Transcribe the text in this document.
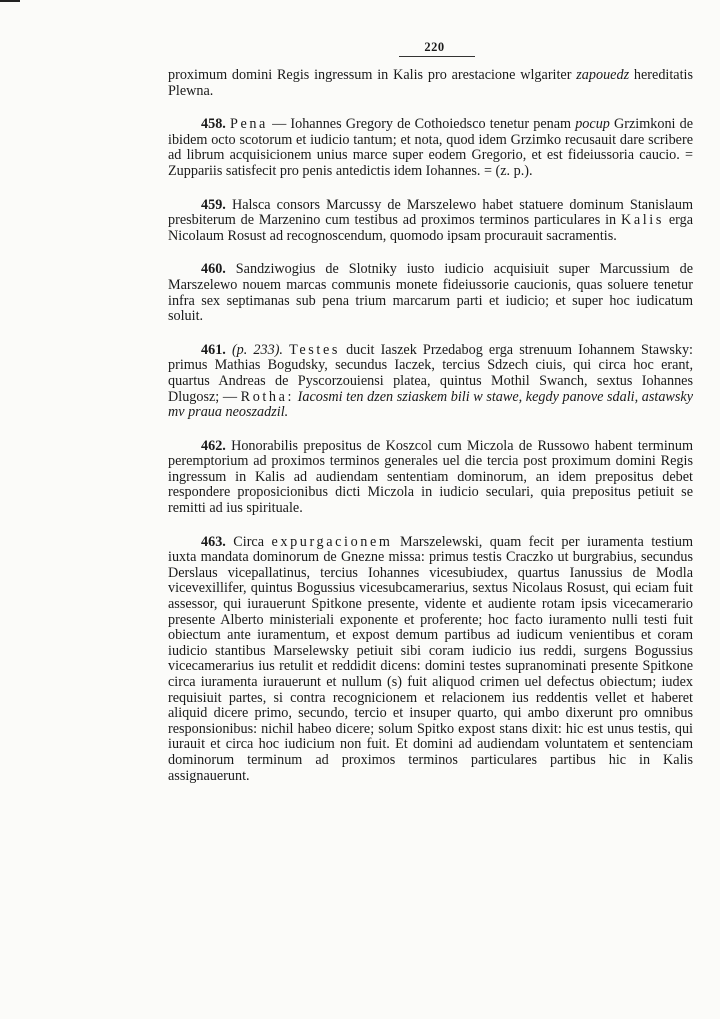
220

proximum domini Regis ingressum in Kalis pro arestacione wlgariter zapouedz hereditatis Plewna.

458. Pena — Iohannes Gregory de Cothoiedsco tenetur penam pocup Grzimkoni de ibidem octo scotorum et iudicio tantum; et nota, quod idem Grzimko recusauit dare scribere ad librum acquisicionem unius marce super eodem Gregorio, et est fideiussoria caucio. = Zuppariis satisfecit pro penis antedictis idem Iohannes. = (z. p.).

459. Halsca consors Marcussy de Marszelewo habet statuere dominum Stanislaum presbiterum de Marzenino cum testibus ad proximos terminos particulares in Kalis erga Nicolaum Rosust ad recognoscendum, quomodo ipsam procurauit sacramentis.

460. Sandziwogius de Slotniky iusto iudicio acquisiuit super Marcussium de Marszelewo nouem marcas communis monete fideiussorie caucionis, quas soluere tenetur infra sex septimanas sub pena trium marcarum parti et iudicio; et super hoc iudicatum soluit.

461. (p. 233). Testes ducit Iaszek Przedabog erga strenuum Iohannem Stawsky: primus Mathias Bogudsky, secundus Iaczek, tercius Sdzech ciuis, qui circa hoc erant, quartus Andreas de Pyscorzouiensi platea, quintus Mothil Swanch, sextus Iohannes Dlugosz; — Rotha: Iacosmi ten dzen sziaskem bili w stawe, kegdy panove sdali, astawsky mv praua neoszadzil.

462. Honorabilis prepositus de Koszcol cum Miczola de Russowo habent terminum peremptorium ad proximos terminos generales uel die tercia post proximum domini Regis ingressum in Kalis ad audiendam sententiam dominorum, an idem prepositus debet respondere proposicionibus dicti Miczola in iudicio seculari, quia prepositus petiuit se remitti ad ius spirituale.

463. Circa expurgacionem Marszelewski, quam fecit per iuramenta testium iuxta mandata dominorum de Gnezne missa: primus testis Craczko ut burgrabius, secundus Derslaus vicepallatinus, tercius Iohannes vicesubiudex, quartus Ianussius de Modla vicevexillifer, quintus Bogussius vicesubcamerarius, sextus Nicolaus Rosust, qui eciam fuit assessor, qui iurauerunt Spitkone presente, vidente et audiente rotam ipsis vicecamerario presente Alberto ministeriali exponente et proferente; hoc facto iuramento nulli testi fuit obiectum ante iuramentum, et expost demum partibus ad iudicum venientibus et coram iudicio stantibus Marselewsky petiuit sibi coram iudicio ius reddi, surgens Bogussius vicecamerarius ius retulit et reddidit dicens: domini testes supranominati presente Spitkone circa iuramenta iurauerunt et nullum (s) fuit aliquod crimen uel defectus obiectum; iudex requisiuit partes, si contra recognicionem et relacionem ius reddentis vellet et haberet aliquid dicere primo, secundo, tercio et insuper quarto, qui ambo dixerunt pro omnibus responsionibus: nichil habeo dicere; solum Spitko expost stans dixit: hic est unus testis, qui iurauit et circa hoc iudicium non fuit. Et domini ad audiendam voluntatem et sentenciam dominorum terminum ad proximos terminos particulares partibus hic in Kalis assignauerunt.
